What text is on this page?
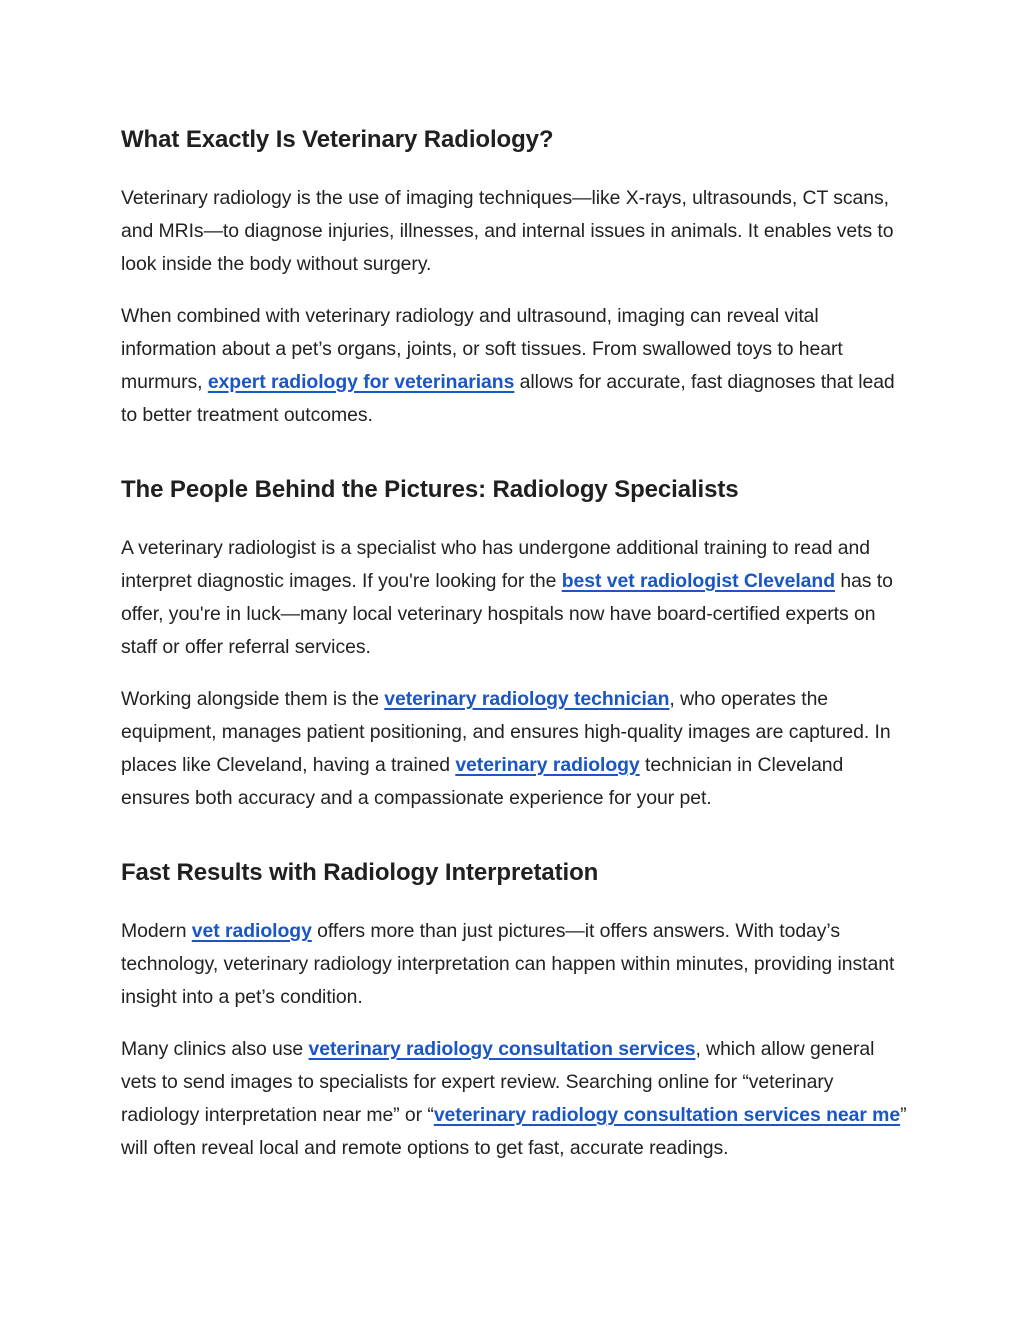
What Exactly Is Veterinary Radiology?

Veterinary radiology is the use of imaging techniques—like X-rays, ultrasounds, CT scans, and MRIs—to diagnose injuries, illnesses, and internal issues in animals. It enables vets to look inside the body without surgery.

When combined with veterinary radiology and ultrasound, imaging can reveal vital information about a pet’s organs, joints, or soft tissues. From swallowed toys to heart murmurs, expert radiology for veterinarians allows for accurate, fast diagnoses that lead to better treatment outcomes.

The People Behind the Pictures: Radiology Specialists

A veterinary radiologist is a specialist who has undergone additional training to read and interpret diagnostic images. If you're looking for the best vet radiologist Cleveland has to offer, you're in luck—many local veterinary hospitals now have board-certified experts on staff or offer referral services.

Working alongside them is the veterinary radiology technician, who operates the equipment, manages patient positioning, and ensures high-quality images are captured. In places like Cleveland, having a trained veterinary radiology technician in Cleveland ensures both accuracy and a compassionate experience for your pet.

Fast Results with Radiology Interpretation

Modern vet radiology offers more than just pictures—it offers answers. With today’s technology, veterinary radiology interpretation can happen within minutes, providing instant insight into a pet’s condition.

Many clinics also use veterinary radiology consultation services, which allow general vets to send images to specialists for expert review. Searching online for “veterinary radiology interpretation near me” or “veterinary radiology consultation services near me” will often reveal local and remote options to get fast, accurate readings.
